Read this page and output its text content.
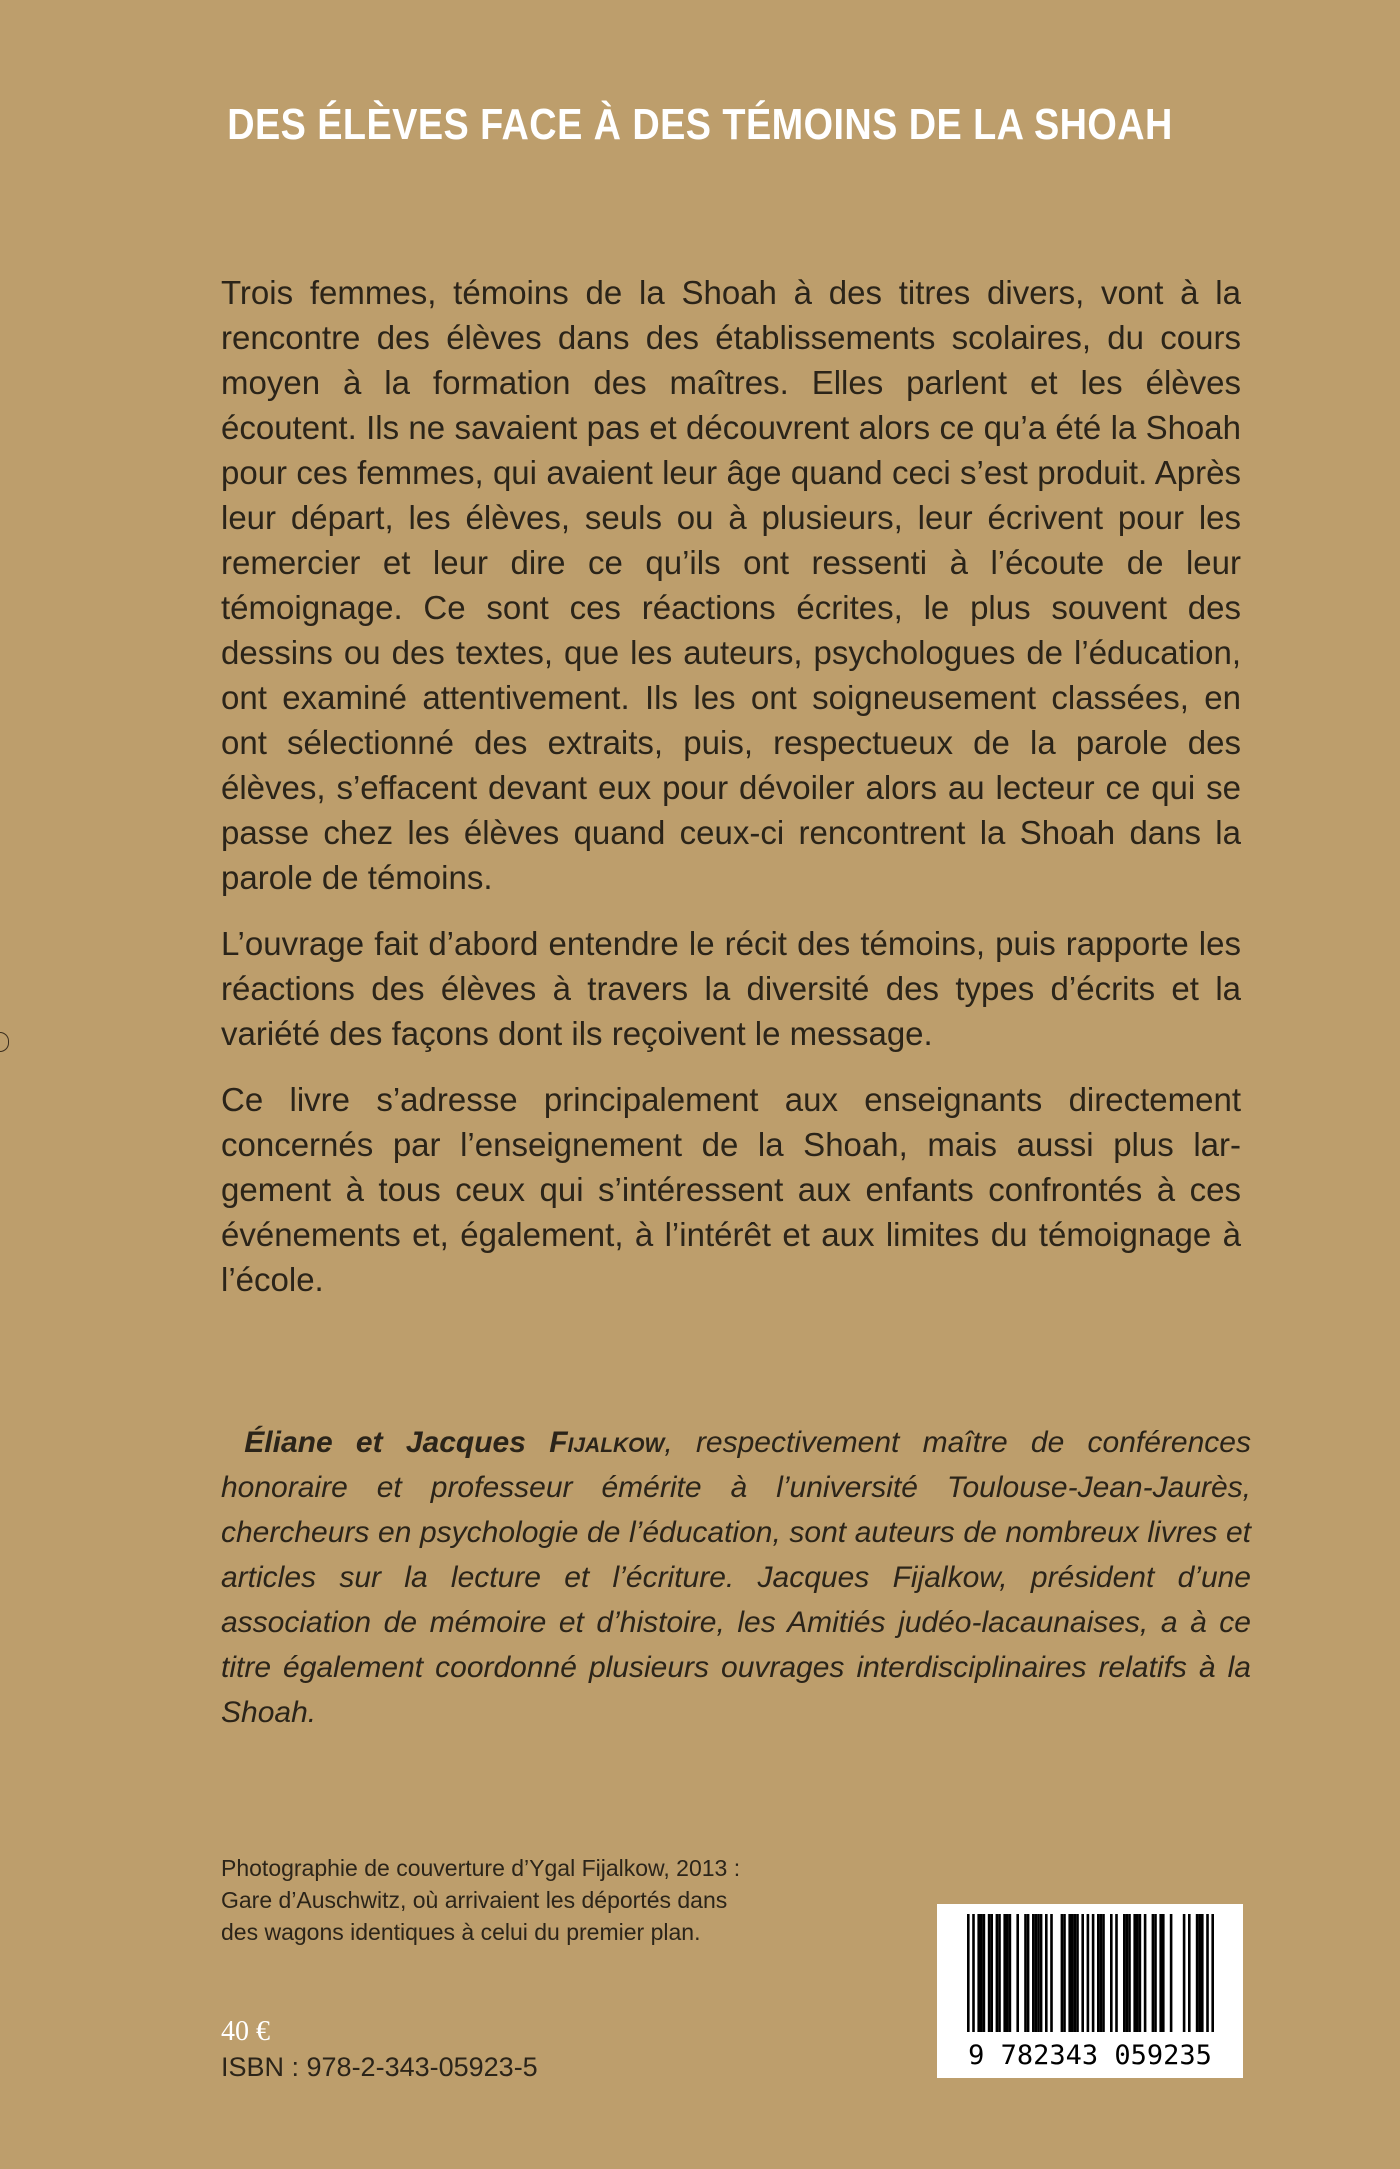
DES ÉLÈVES FACE À DES TÉMOINS DE LA SHOAH

Trois femmes, témoins de la Shoah à des titres divers, vont à la rencontre des élèves dans des établissements scolaires, du cours moyen à la formation des maîtres. Elles parlent et les élèves écoutent. Ils ne savaient pas et découvrent alors ce qu’a été la Shoah pour ces femmes, qui avaient leur âge quand ceci s’est produit. Après leur départ, les élèves, seuls ou à plusieurs, leur écrivent pour les remercier et leur dire ce qu’ils ont ressenti à l’écoute de leur témoignage. Ce sont ces réactions écrites, le plus souvent des dessins ou des textes, que les auteurs, psychologues de l’éducation, ont examiné attentivement. Ils les ont soigneusement classées, en ont sélectionné des extraits, puis, respectueux de la parole des élèves, s’effacent devant eux pour dévoiler alors au lecteur ce qui se passe chez les élèves quand ceux-ci rencontrent la Shoah dans la parole de témoins.

L’ouvrage fait d’abord entendre le récit des témoins, puis rapporte les réactions des élèves à travers la diversité des types d’écrits et la variété des façons dont ils reçoivent le message.

Ce livre s’adresse principalement aux enseignants directement concernés par l’enseignement de la Shoah, mais aussi plus largement à tous ceux qui s’intéressent aux enfants confrontés à ces événements et, également, à l’intérêt et aux limites du témoignage à l’école.

Éliane et Jacques Fijalkow, respectivement maître de conférences honoraire et professeur émérite à l’université Toulouse-Jean-Jaurès, chercheurs en psychologie de l’éducation, sont auteurs de nombreux livres et articles sur la lecture et l’écriture. Jacques Fijalkow, président d’une association de mémoire et d’histoire, les Amitiés judéo-lacaunaises, a à ce titre également coordonné plusieurs ouvrages interdisciplinaires relatifs à la Shoah.
Photographie de couverture d’Ygal Fijalkow, 2013 :
Gare d’Auschwitz, où arrivaient les déportés dans
des wagons identiques à celui du premier plan.
40 €
ISBN : 978-2-343-05923-5	9 782343 059235
